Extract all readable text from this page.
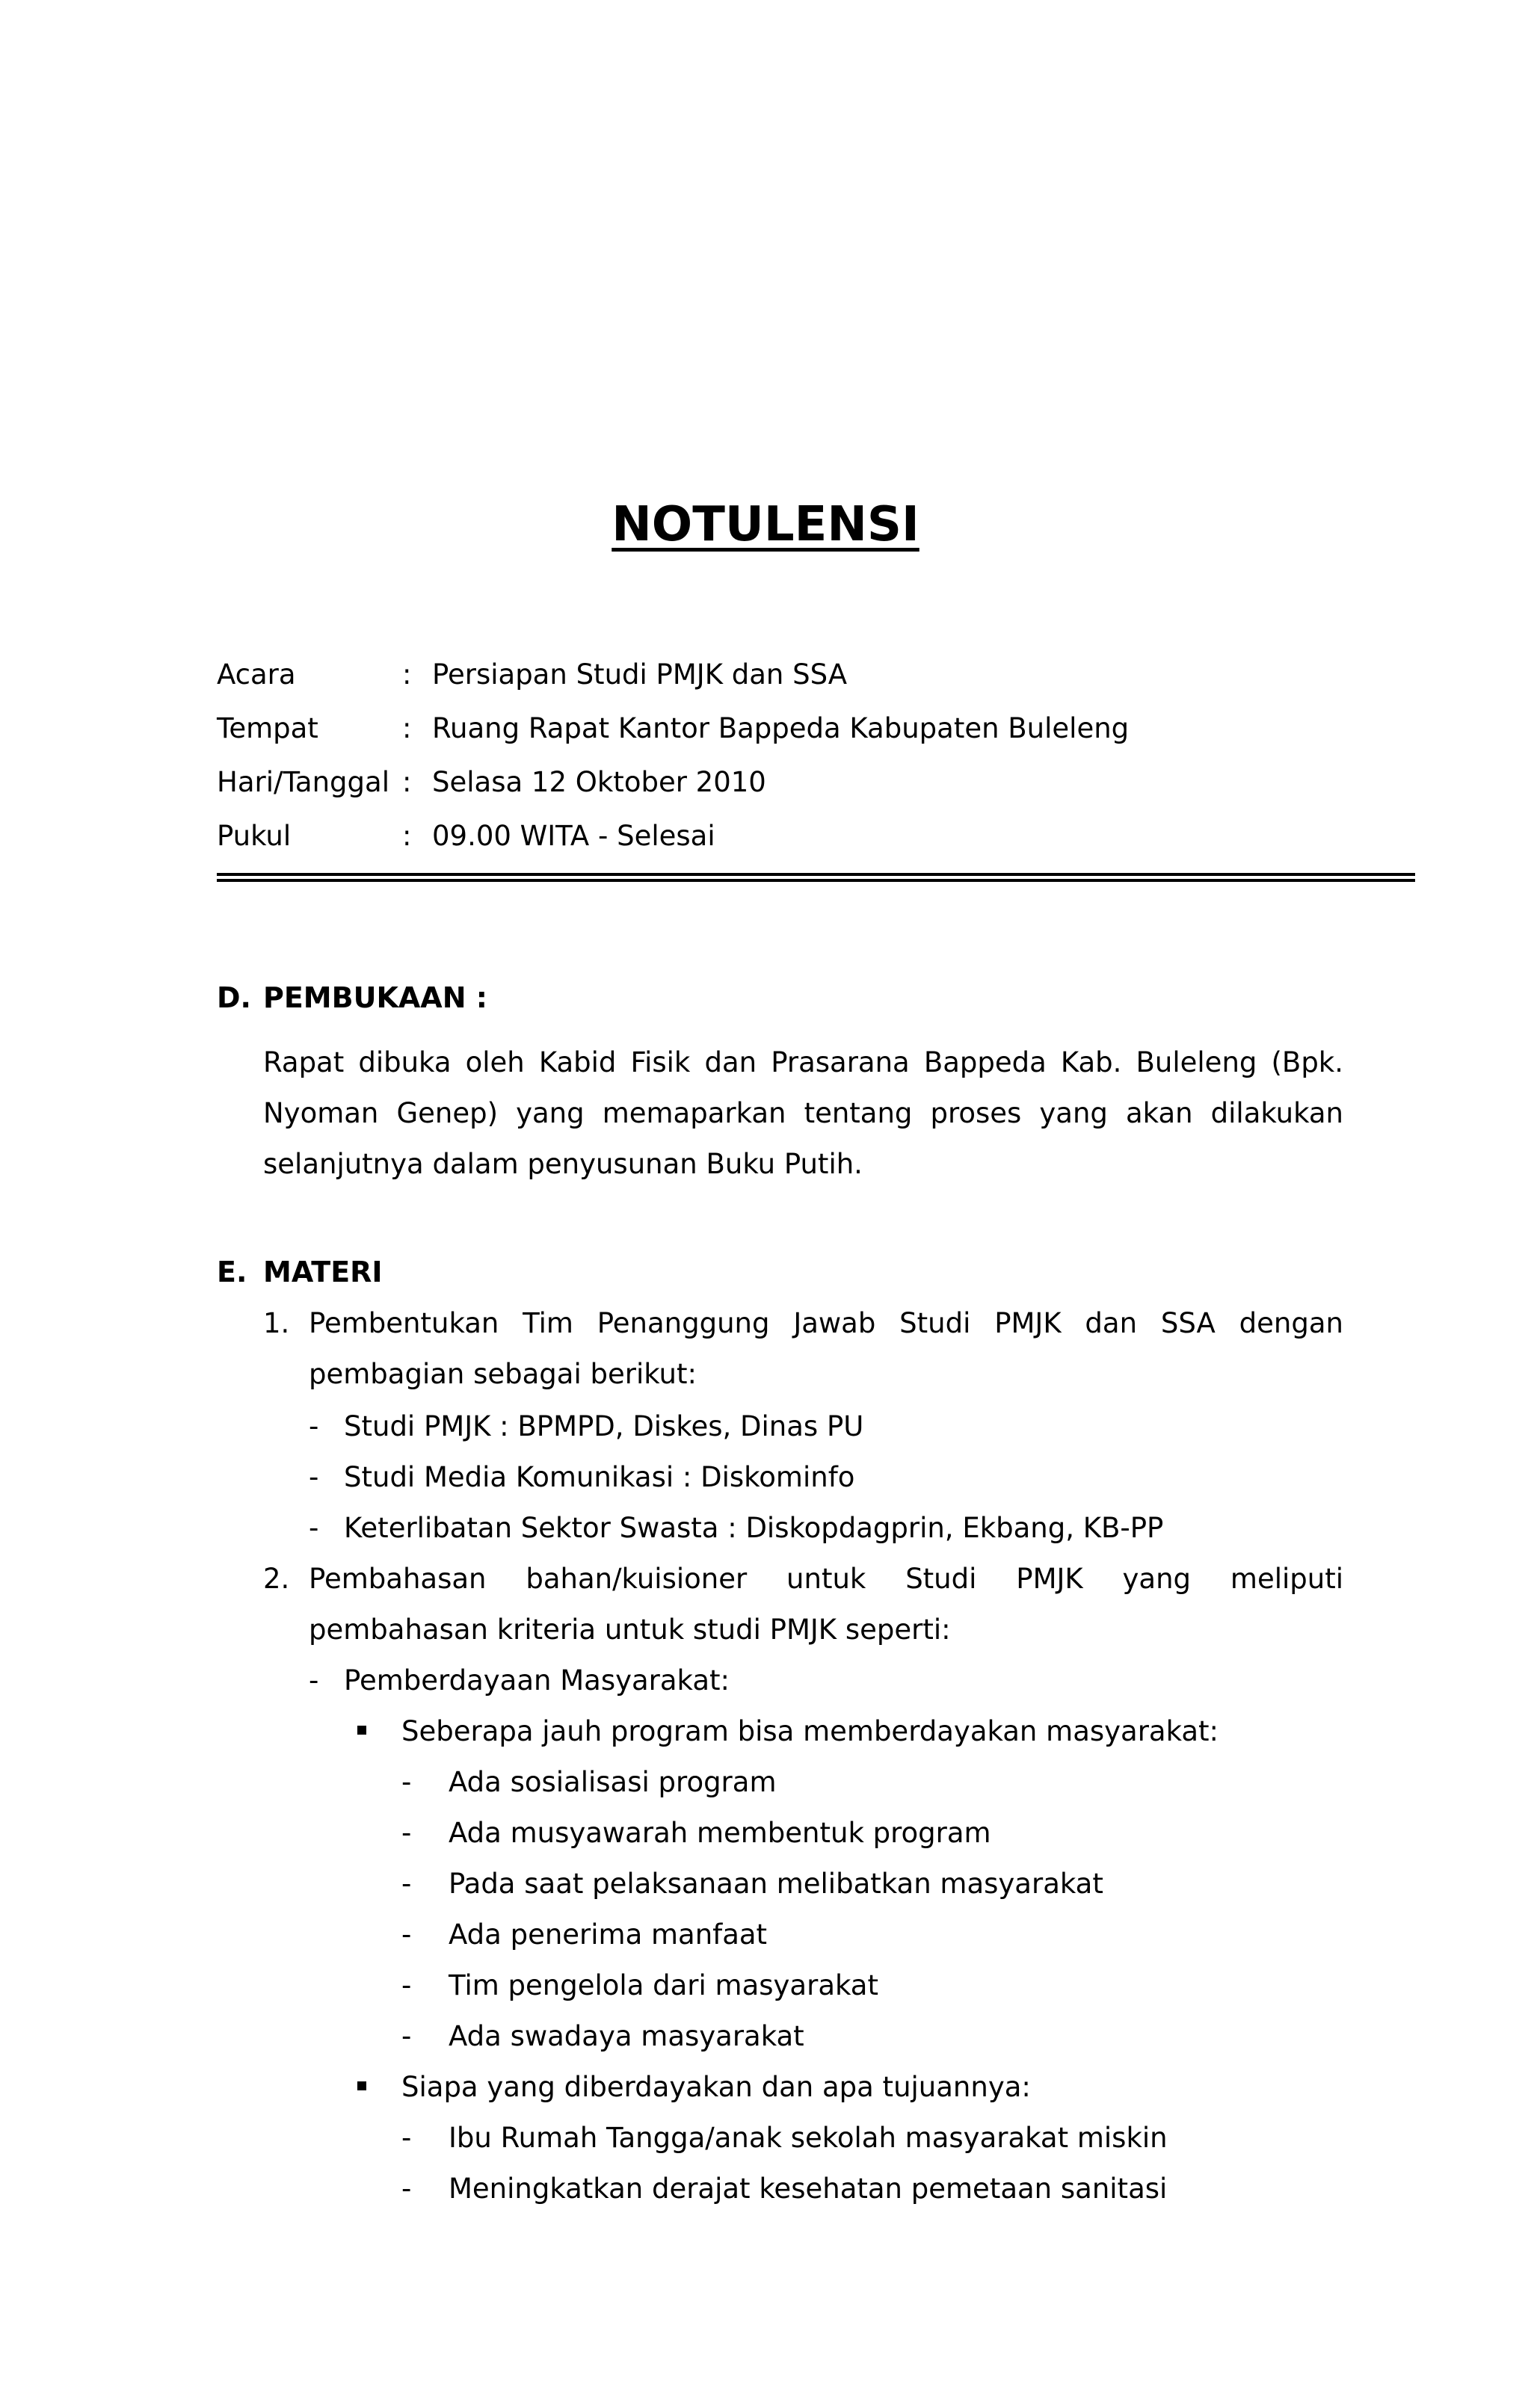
NOTULENSI
Acara	:	Persiapan Studi PMJK dan SSA
Tempat	:	Ruang Rapat Kantor Bappeda Kabupaten Buleleng
Hari/Tanggal	:	Selasa 12 Oktober 2010
Pukul	:	09.00 WITA - Selesai
D. PEMBUKAAN :

Rapat dibuka oleh Kabid Fisik dan Prasarana Bappeda Kab. Buleleng (Bpk. Nyoman Genep) yang memaparkan tentang proses yang akan dilakukan selanjutnya dalam penyusunan Buku Putih.

E. MATERI
1. Pembentukan Tim Penanggung Jawab Studi PMJK dan SSA dengan pembagian sebagai berikut:

- Studi PMJK : BPMPD, Diskes, Dinas PU

- Studi Media Komunikasi : Diskominfo

- Keterlibatan Sektor Swasta : Diskopdagprin, Ekbang, KB-PP

2. Pembahasan bahan/kuisioner untuk Studi PMJK yang meliputi pembahasan kriteria untuk studi PMJK seperti:

- Pemberdayaan Masyarakat:

Seberapa jauh program bisa memberdayakan masyarakat:

- Ada sosialisasi program

- Ada musyawarah membentuk program

- Pada saat pelaksanaan melibatkan masyarakat

- Ada penerima manfaat

- Tim pengelola dari masyarakat

- Ada swadaya masyarakat

Siapa yang diberdayakan dan apa tujuannya:

- Ibu Rumah Tangga/anak sekolah masyarakat miskin

- Meningkatkan derajat kesehatan pemetaan sanitasi
